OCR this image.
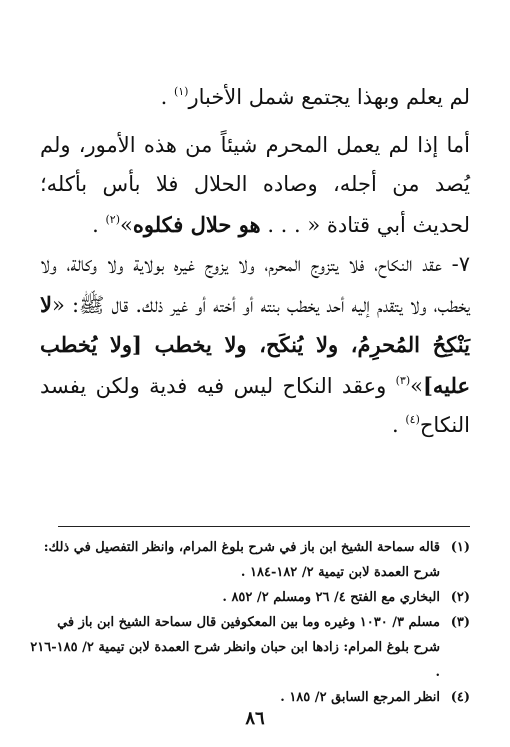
لم يعلم وبهذا يجتمع شمل الأخبار$^{(١)}$ .

أما إذا لم يعمل المحرم شيئاً من هذه الأمور، ولم يُصد من أجله، وصاده الحلال فلا بأس بأكله؛ لحديث أبي قتادة « . . . هو حلال فكلوه»$^{(٢)}$ .

٧- عقد النكاح، فلا يتزوج المحرم، ولا يزوج غيره بولاية ولا وكالة، ولا يخطب، ولا يتقدم إليه أحد يخطب بنته أو أخته أو غير ذلك. قال ﷺ: «لا يَنْكِحُ المُحرِمُ، ولا يُنكَح، ولا يخطب [ولا يُخطب عليه]»$^{(٣)}$ وعقد النكاح ليس فيه فدية ولكن يفسد النكاح$^{(٤)}$ .

(١)
قاله سماحة الشيخ ابن باز في شرح بلوغ المرام، وانظر التفصيل في ذلك: شرح العمدة لابن تيمية ٢/ ١٨٢-١٨٤ .
(٢)
البخاري مع الفتح ٤/ ٢٦ ومسلم ٢/ ٨٥٢ .
(٣)
مسلم ٣/ ١٠٣٠ وغيره وما بين المعكوفين قال سماحة الشيخ ابن باز في شرح بلوغ المرام: زادها ابن حبان وانظر شرح العمدة لابن تيمية ٢/ ١٨٥-٢١٦ .
(٤)
انظر المرجع السابق ٢/ ١٨٥ .
٨٦
